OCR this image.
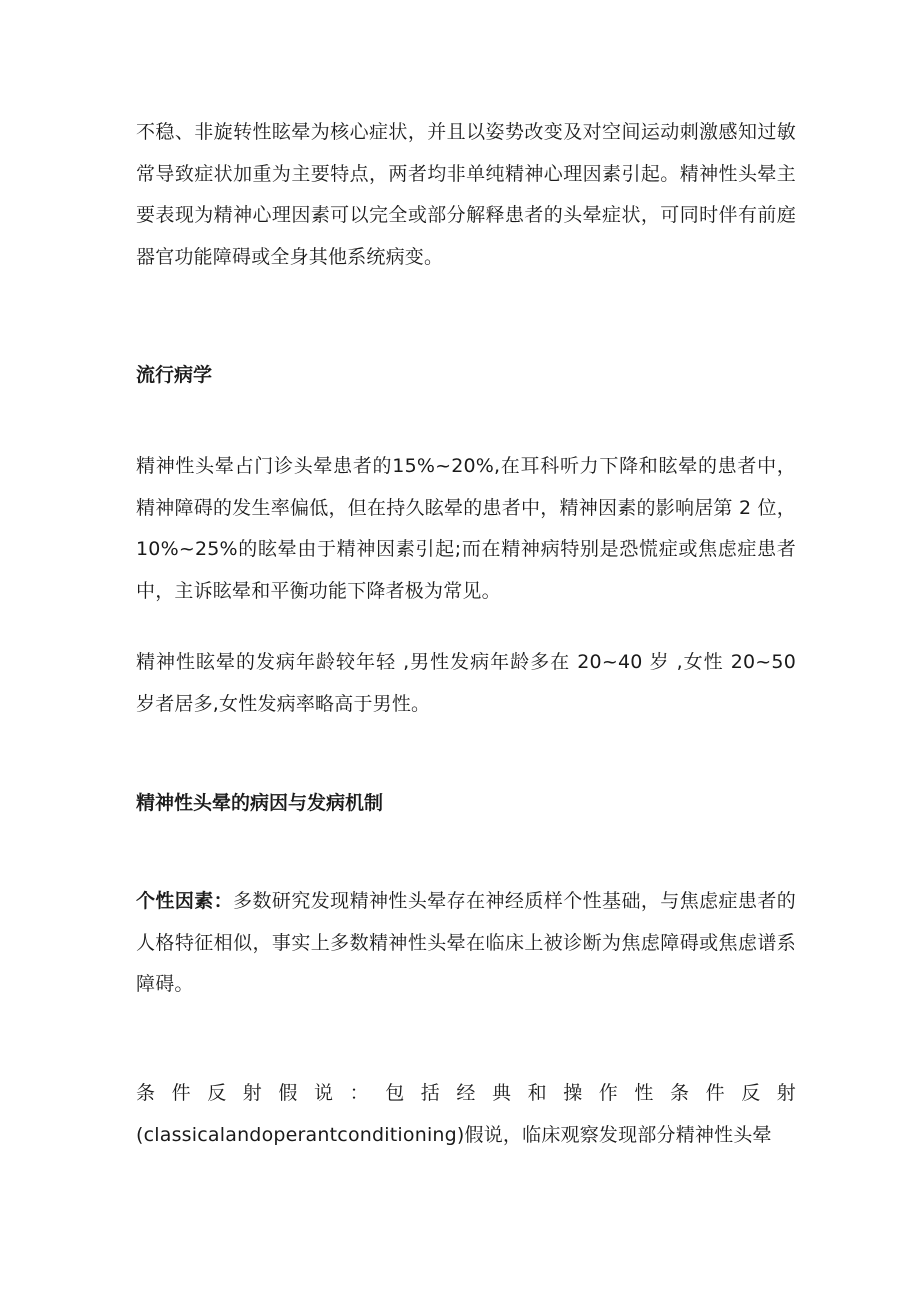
不稳、非旋转性眩晕为核心症状，并且以姿势改变及对空间运动刺激感知过敏常导致症状加重为主要特点，两者均非单纯精神心理因素引起。精神性头晕主要表现为精神心理因素可以完全或部分解释患者的头晕症状，可同时伴有前庭器官功能障碍或全身其他系统病变。

流行病学

精神性头晕占门诊头晕患者的15%~20%,在耳科听力下降和眩晕的患者中，精神障碍的发生率偏低，但在持久眩晕的患者中，精神因素的影响居第 2 位，10%~25%的眩晕由于精神因素引起;而在精神病特别是恐慌症或焦虑症患者中，主诉眩晕和平衡功能下降者极为常见。

精神性眩晕的发病年龄较年轻 ,男性发病年龄多在 20~40 岁 ,女性 20~50 岁者居多,女性发病率略高于男性。

精神性头晕的病因与发病机制

个性因素：多数研究发现精神性头晕存在神经质样个性基础，与焦虑症患者的人格特征相似，事实上多数精神性头晕在临床上被诊断为焦虑障碍或焦虑谱系障碍。

条件反射假说：包括经典和操作性条件反射(classicalandoperantconditioning)假说，临床观察发现部分精神性头晕
